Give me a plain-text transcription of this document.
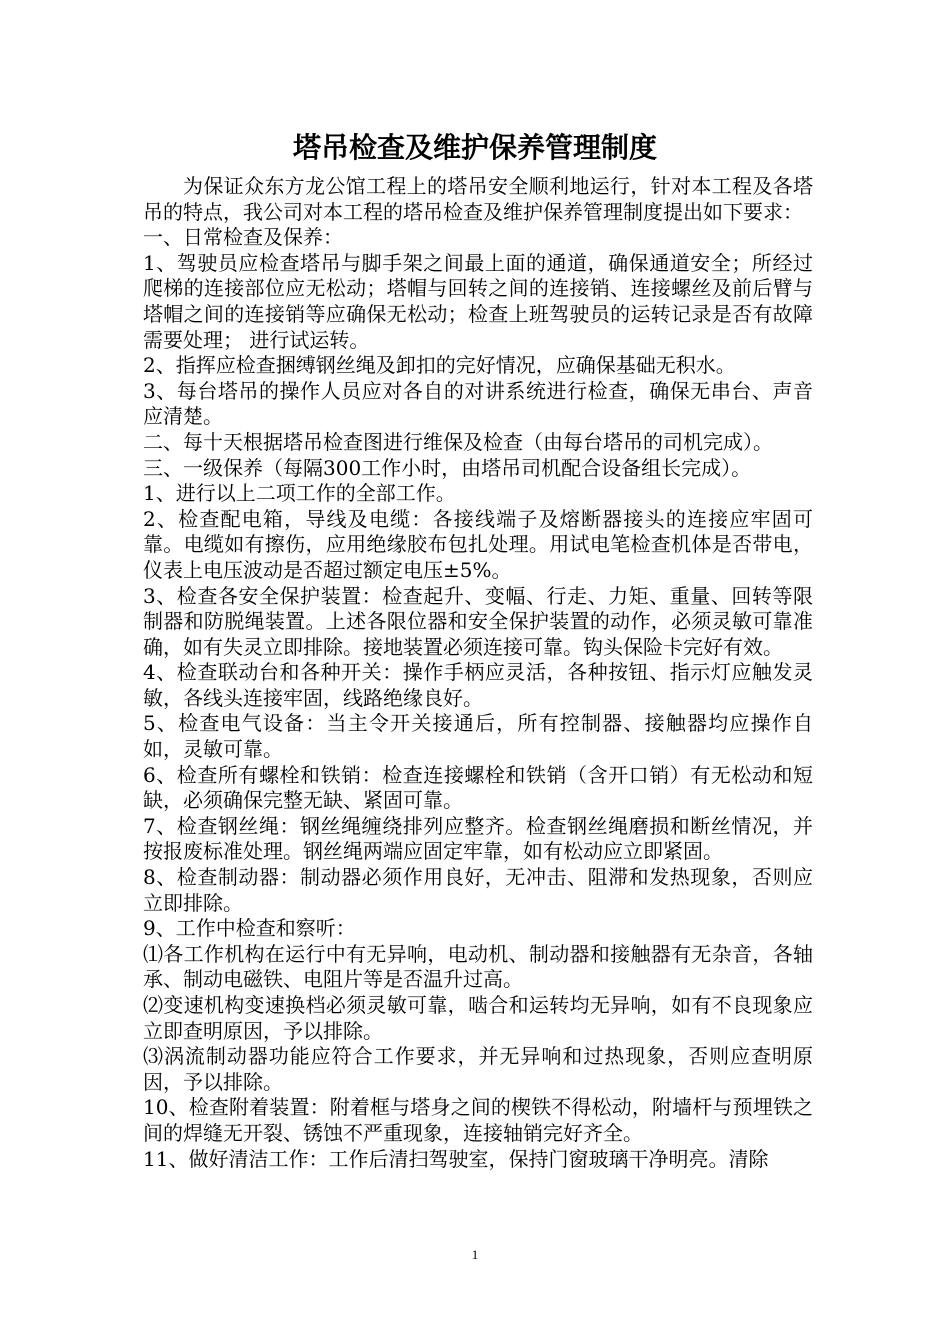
塔吊检查及维护保养管理制度

为保证众东方龙公馆工程上的塔吊安全顺利地运行，针对本工程及各塔吊的特点，我公司对本工程的塔吊检查及维护保养管理制度提出如下要求：

一、日常检查及保养：

1、驾驶员应检查塔吊与脚手架之间最上面的通道，确保通道安全；所经过爬梯的连接部位应无松动；塔帽与回转之间的连接销、连接螺丝及前后臂与塔帽之间的连接销等应确保无松动；检查上班驾驶员的运转记录是否有故障需要处理； 进行试运转。

2、指挥应检查捆缚钢丝绳及卸扣的完好情况，应确保基础无积水。

3、每台塔吊的操作人员应对各自的对讲系统进行检查，确保无串台、声音应清楚。

二、每十天根据塔吊检查图进行维保及检查（由每台塔吊的司机完成）。

三、一级保养（每隔300工作小时，由塔吊司机配合设备组长完成）。

1、进行以上二项工作的全部工作。

2、检查配电箱，导线及电缆：各接线端子及熔断器接头的连接应牢固可靠。电缆如有擦伤，应用绝缘胶布包扎处理。用试电笔检查机体是否带电，仪表上电压波动是否超过额定电压±5%。

3、检查各安全保护装置：检查起升、变幅、行走、力矩、重量、回转等限制器和防脱绳装置。上述各限位器和安全保护装置的动作，必须灵敏可靠准确，如有失灵立即排除。接地装置必须连接可靠。钩头保险卡完好有效。

4、检查联动台和各种开关：操作手柄应灵活，各种按钮、指示灯应触发灵敏，各线头连接牢固，线路绝缘良好。

5、检查电气设备：当主令开关接通后，所有控制器、接触器均应操作自如，灵敏可靠。

6、检查所有螺栓和铁销：检查连接螺栓和铁销（含开口销）有无松动和短缺，必须确保完整无缺、紧固可靠。

7、检查钢丝绳：钢丝绳缠绕排列应整齐。检查钢丝绳磨损和断丝情况，并按报废标准处理。钢丝绳两端应固定牢靠，如有松动应立即紧固。

8、检查制动器：制动器必须作用良好，无冲击、阻滞和发热现象，否则应立即排除。

9、工作中检查和察听：

⑴各工作机构在运行中有无异响，电动机、制动器和接触器有无杂音，各轴承、制动电磁铁、电阻片等是否温升过高。

⑵变速机构变速换档必须灵敏可靠，啮合和运转均无异响，如有不良现象应立即查明原因，予以排除。

⑶涡流制动器功能应符合工作要求，并无异响和过热现象，否则应查明原因，予以排除。

10、检查附着装置：附着框与塔身之间的楔铁不得松动，附墙杆与预埋铁之间的焊缝无开裂、锈蚀不严重现象，连接轴销完好齐全。

11、做好清洁工作：工作后清扫驾驶室，保持门窗玻璃干净明亮。清除

1
